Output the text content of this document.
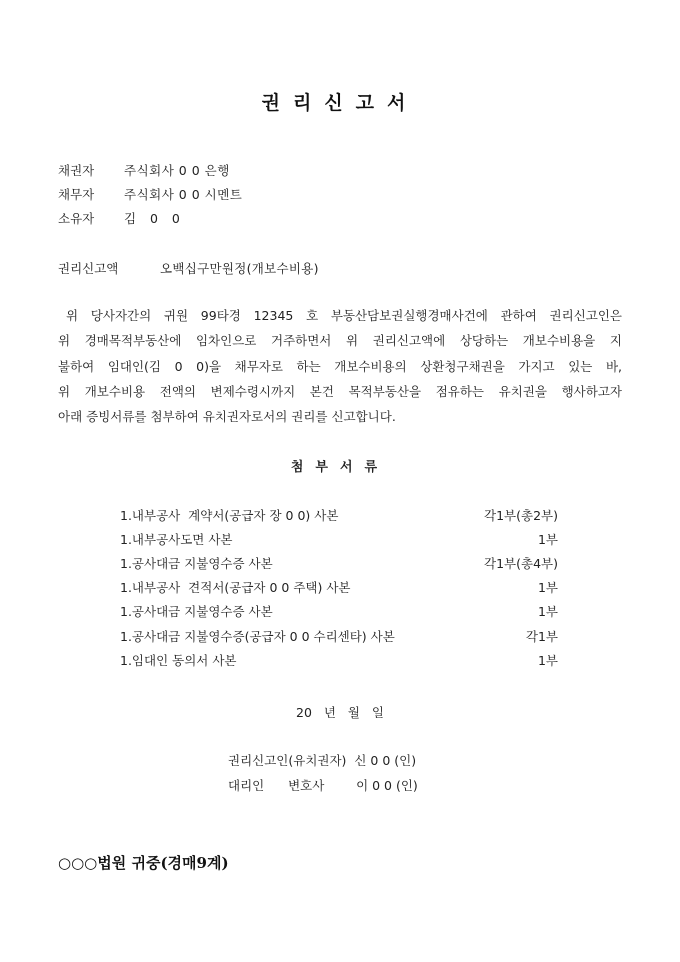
권리신고서
채권자	주식회사 0 0 은행
채무자	주식회사 0 0 시멘트
소유자	김   0   0
권리신고액	오백십구만원정(개보수비용)
위 당사자간의 귀원 99타경 12345 호 부동산담보권실행경매사건에 관하여 권리신고인은
위 경매목적부동산에 임차인으로 거주하면서 위 권리신고액에 상당하는 개보수비용을 지
불하여 임대인(김 0 0)을 채무자로 하는 개보수비용의 상환청구채권을 가지고 있는 바,
위 개보수비용 전액의 변제수령시까지 본건 목적부동산을 점유하는 유치권을 행사하고자
아래 증빙서류를 첨부하여 유치권자로서의 권리를 신고합니다.
첨부서류
1.내부공사  계약서(공급자 장 0 0) 사본	각1부(총2부)
1.내부공사도면 사본	1부
1.공사대금 지불영수증 사본	각1부(총4부)
1.내부공사  견적서(공급자 0 0 주택) 사본	1부
1.공사대금 지불영수증 사본	1부
1.공사대금 지불영수증(공급자 0 0 수리센타) 사본	각1부
1.임대인 동의서 사본	1부
20   년   월   일
권리신고인(유치권자)  신 0 0 (인)
대리인      변호사        이 0 0 (인)
○○○법원 귀중(경매9계)
